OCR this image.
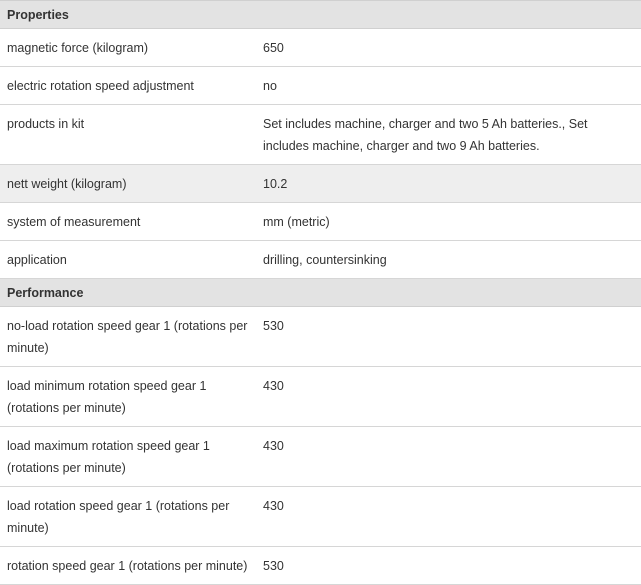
Properties	
magnetic force (kilogram)	650
electric rotation speed adjustment	no
products in kit	Set includes machine, charger and two 5 Ah batteries., Set includes machine, charger and two 9 Ah batteries.
nett weight (kilogram)	10.2
system of measurement	mm (metric)
application	drilling, countersinking
Performance	
no-load rotation speed gear 1 (rotations per minute)	530
load minimum rotation speed gear 1 (rotations per minute)	430
load maximum rotation speed gear 1 (rotations per minute)	430
load rotation speed gear 1 (rotations per minute)	430
rotation speed gear 1 (rotations per minute)	530
